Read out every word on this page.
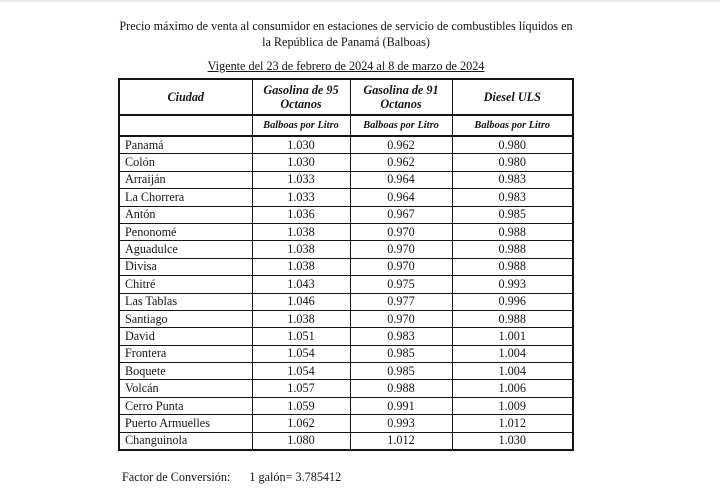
Precio máximo de venta al consumidor en estaciones de servicio de combustibles líquidos en la República de Panamá (Balboas)
Vigente del 23 de febrero de 2024 al 8 de marzo de 2024
Ciudad	Gasolina de 95 Octanos	Gasolina de 91 Octanos	Diesel ULS
	Balboas por Litro	Balboas por Litro	Balboas por Litro
Panamá	1.030	0.962	0.980
Colón	1.030	0.962	0.980
Arraiján	1.033	0.964	0.983
La Chorrera	1.033	0.964	0.983
Antón	1.036	0.967	0.985
Penonomé	1.038	0.970	0.988
Aguadulce	1.038	0.970	0.988
Divisa	1.038	0.970	0.988
Chitré	1.043	0.975	0.993
Las Tablas	1.046	0.977	0.996
Santiago	1.038	0.970	0.988
David	1.051	0.983	1.001
Frontera	1.054	0.985	1.004
Boquete	1.054	0.985	1.004
Volcán	1.057	0.988	1.006
Cerro Punta	1.059	0.991	1.009
Puerto Armuelles	1.062	0.993	1.012
Changuinola	1.080	1.012	1.030
Factor de Conversión: 1 galón= 3.785412
